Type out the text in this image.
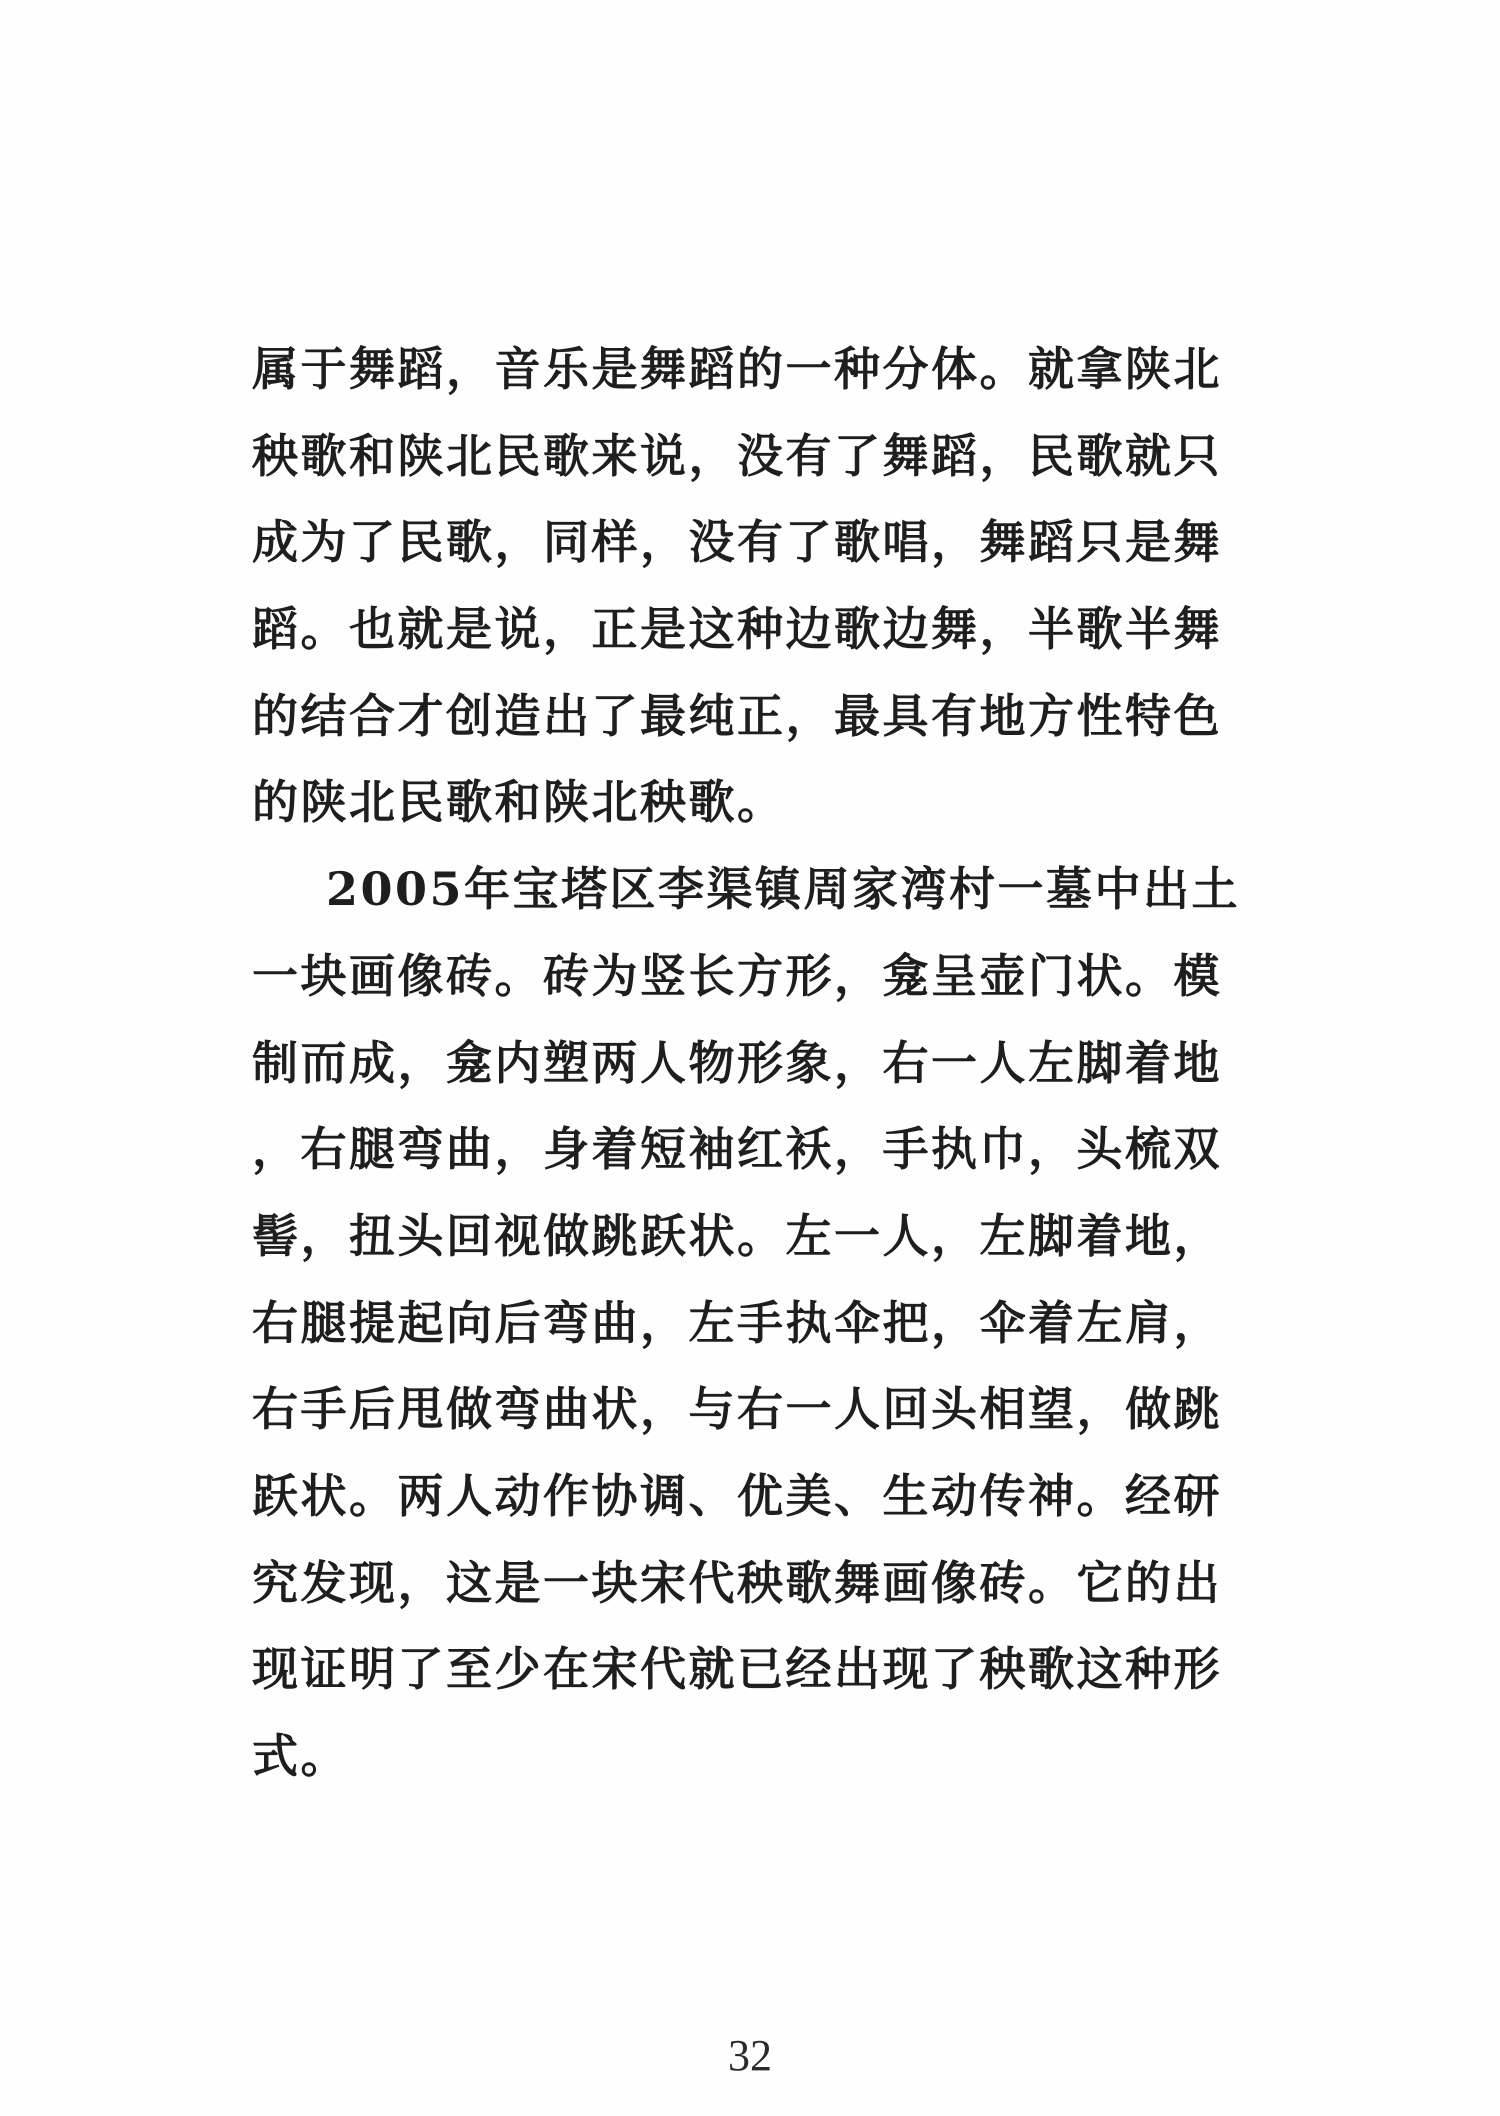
属于舞蹈，音乐是舞蹈的一种分体。就拿陕北
秧歌和陕北民歌来说，没有了舞蹈，民歌就只
成为了民歌，同样，没有了歌唱，舞蹈只是舞
蹈。也就是说，正是这种边歌边舞，半歌半舞
的结合才创造出了最纯正，最具有地方性特色
的陕北民歌和陕北秧歌。
2005年宝塔区李渠镇周家湾村一墓中出土
一块画像砖。砖为竖长方形，龛呈壶门状。模
制而成，龛内塑两人物形象，右一人左脚着地
，右腿弯曲，身着短袖红袄，手执巾，头梳双
髻，扭头回视做跳跃状。左一人，左脚着地，
右腿提起向后弯曲，左手执伞把，伞着左肩，
右手后甩做弯曲状，与右一人回头相望，做跳
跃状。两人动作协调、优美、生动传神。经研
究发现，这是一块宋代秧歌舞画像砖。它的出
现证明了至少在宋代就已经出现了秧歌这种形
式。
32
